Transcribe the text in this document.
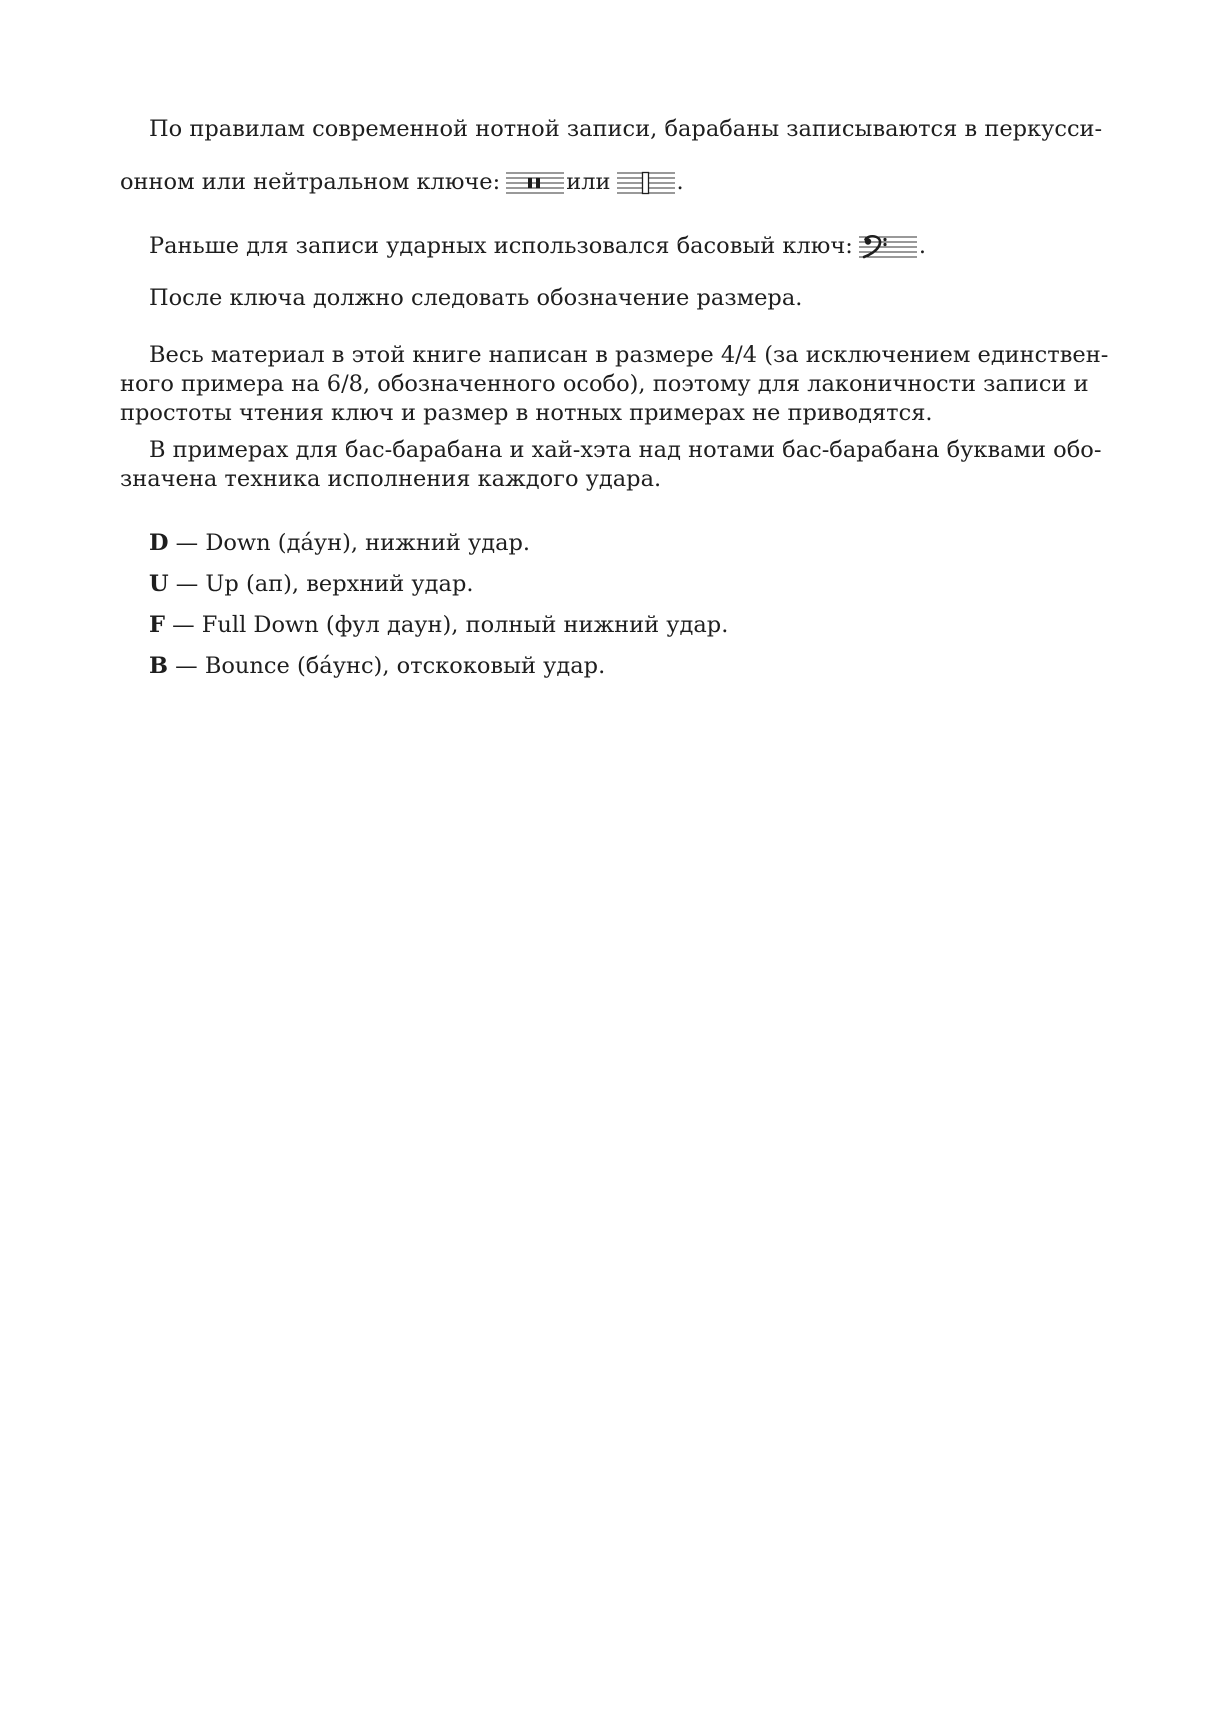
По правилам современной нотной записи, барабаны записываются в перкусси-
онном или нейтральном ключе:	или	.
Раньше для записи ударных использовался басовый ключ:	.
После ключа должно следовать обозначение размера.
Весь материал в этой книге написан в размере 4/4 (за исключением единствен-
ного примера на 6/8, обозначенного особо), поэтому для лаконичности записи и
простоты чтения ключ и размер в нотных примерах не приводятся.
В примерах для бас-барабана и хай-хэта над нотами бас-барабана буквами обо-
значена техника исполнения каждого удара.
D — Down (да́ун), нижний удар.
U — Up (ап), верхний удар.
F — Full Down (фул даун), полный нижний удар.
B — Bounce (ба́унс), отскоковый удар.
